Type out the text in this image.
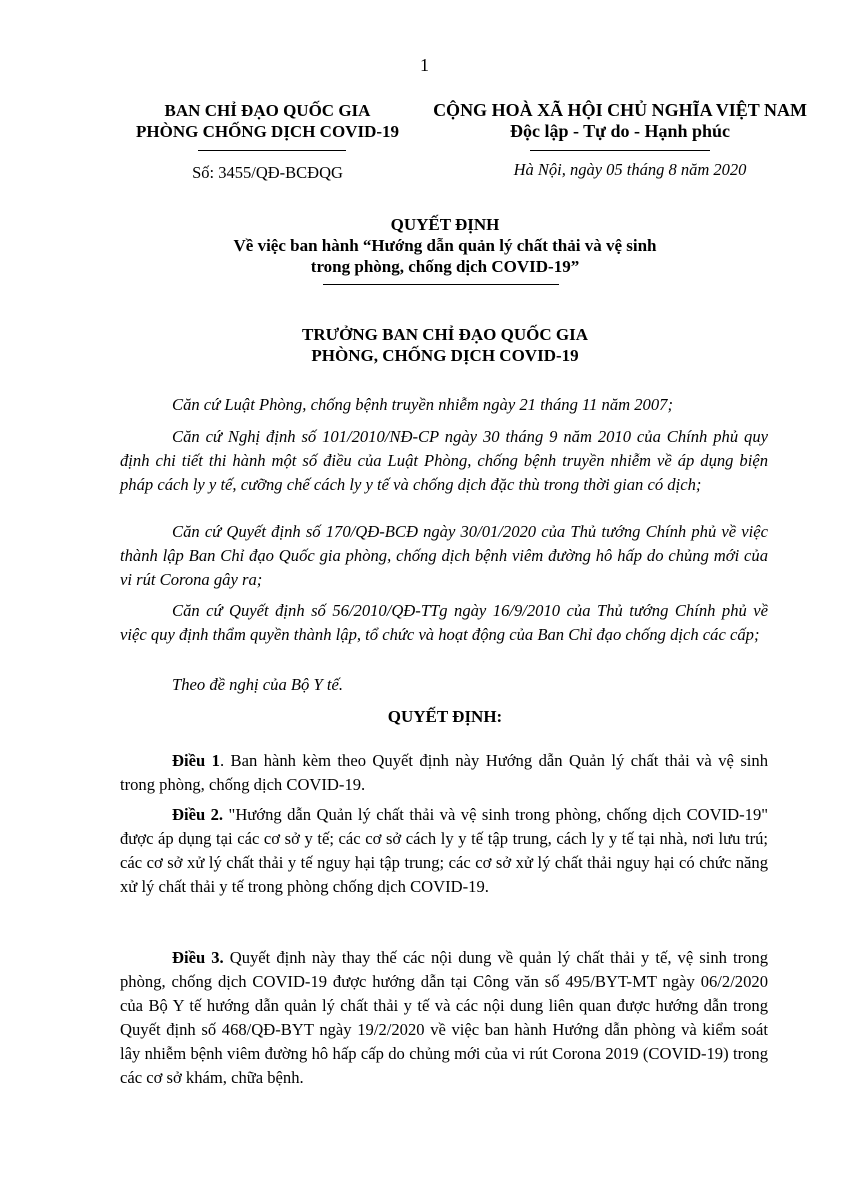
1
BAN CHỈ ĐẠO QUỐC GIA
PHÒNG CHỐNG DỊCH COVID-19
CỘNG HOÀ XÃ HỘI CHỦ NGHĨA VIỆT NAM
Độc lập - Tự do - Hạnh phúc
Số: 3455/QĐ-BCĐQG	Hà Nội, ngày 05 tháng 8 năm 2020
QUYẾT ĐỊNH
Về việc ban hành “Hướng dẫn quản lý chất thải và vệ sinh
trong phòng, chống dịch COVID-19”
TRƯỞNG BAN CHỈ ĐẠO QUỐC GIA
PHÒNG, CHỐNG DỊCH COVID-19
Căn cứ Luật Phòng, chống bệnh truyền nhiễm ngày 21 tháng 11 năm 2007;
Căn cứ Nghị định số 101/2010/NĐ-CP ngày 30 tháng 9 năm 2010 của Chính phủ quy định chi tiết thi hành một số điều của Luật Phòng, chống bệnh truyền nhiễm về áp dụng biện pháp cách ly y tế, cưỡng chế cách ly y tế và chống dịch đặc thù trong thời gian có dịch;
Căn cứ Quyết định số 170/QĐ-BCĐ ngày 30/01/2020 của Thủ tướng Chính phủ về việc thành lập Ban Chỉ đạo Quốc gia phòng, chống dịch bệnh viêm đường hô hấp do chủng mới của vi rút Corona gây ra;
Căn cứ Quyết định số 56/2010/QĐ-TTg ngày 16/9/2010 của Thủ tướng Chính phủ về việc quy định thẩm quyền thành lập, tổ chức và hoạt động của Ban Chỉ đạo chống dịch các cấp;
Theo đề nghị của Bộ Y tế.
QUYẾT ĐỊNH:
Điều 1. Ban hành kèm theo Quyết định này Hướng dẫn Quản lý chất thải và vệ sinh trong phòng, chống dịch COVID-19.
Điều 2. "Hướng dẫn Quản lý chất thải và vệ sinh trong phòng, chống dịch COVID-19" được áp dụng tại các cơ sở y tế; các cơ sở cách ly y tế tập trung, cách ly y tế tại nhà, nơi lưu trú; các cơ sở xử lý chất thải y tế nguy hại tập trung; các cơ sở xử lý chất thải nguy hại có chức năng xử lý chất thải y tế trong phòng chống dịch COVID-19.
Điều 3. Quyết định này thay thế các nội dung về quản lý chất thải y tế, vệ sinh trong phòng, chống dịch COVID-19 được hướng dẫn tại Công văn số 495/BYT-MT ngày 06/2/2020 của Bộ Y tế hướng dẫn quản lý chất thải y tế và các nội dung liên quan được hướng dẫn trong Quyết định số 468/QĐ-BYT ngày 19/2/2020 về việc ban hành Hướng dẫn phòng và kiểm soát lây nhiễm bệnh viêm đường hô hấp cấp do chủng mới của vi rút Corona 2019 (COVID-19) trong các cơ sở khám, chữa bệnh.
